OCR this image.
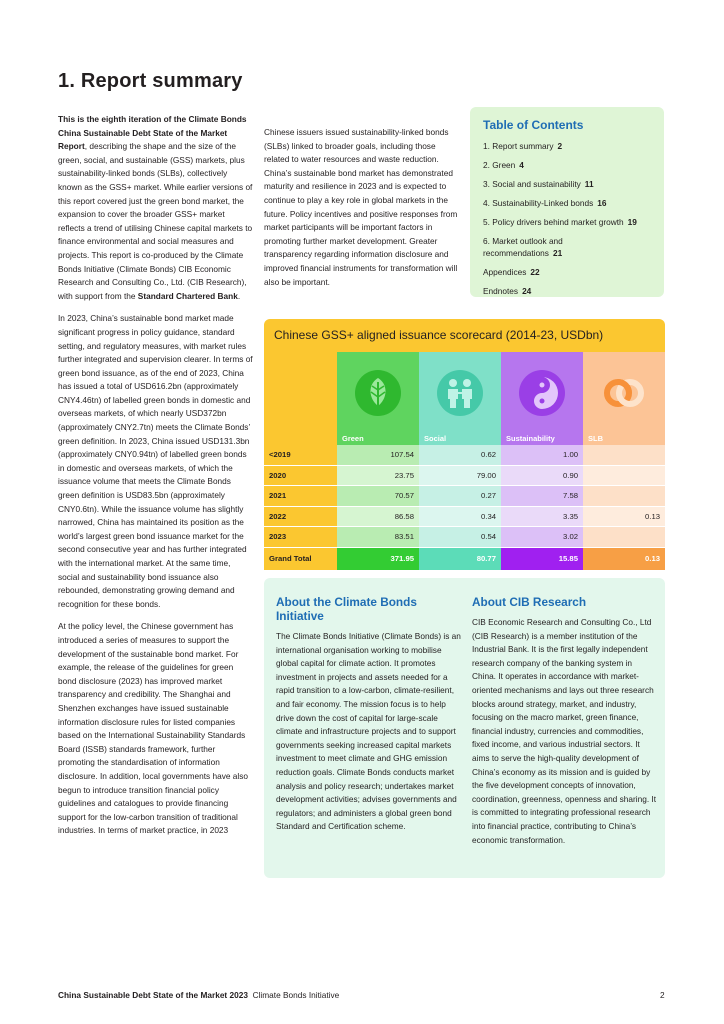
1. Report summary

This is the eighth iteration of the Climate Bonds China Sustainable Debt State of the Market Report, describing the shape and the size of the green, social, and sustainable (GSS) markets, plus sustainability-linked bonds (SLBs), collectively known as the GSS+ market. While earlier versions of this report covered just the green bond market, the expansion to cover the broader GSS+ market reflects a trend of utilising Chinese capital markets to finance environmental and social measures and projects. This report is co-produced by the Climate Bonds Initiative (Climate Bonds) CIB Economic Research and Consulting Co., Ltd. (CIB Research), with support from the Standard Chartered Bank.

In 2023, China’s sustainable bond market made significant progress in policy guidance, standard setting, and regulatory measures, with market rules further integrated and supervision clearer. In terms of green bond issuance, as of the end of 2023, China has issued a total of USD616.2bn (approximately CNY4.46tn) of labelled green bonds in domestic and overseas markets, of which nearly USD372bn (approximately CNY2.7tn) meets the Climate Bonds’ green definition. In 2023, China issued USD131.3bn (approximately CNY0.94tn) of labelled green bonds in domestic and overseas markets, of which the issuance volume that meets the Climate Bonds green definition is USD83.5bn (approximately CNY0.6tn). While the issuance volume has slightly narrowed, China has maintained its position as the world’s largest green bond issuance market for the second consecutive year and has further integrated with the international market. At the same time, social and sustainability bond issuance also rebounded, demonstrating growing demand and recognition for these bonds.

At the policy level, the Chinese government has introduced a series of measures to support the development of the sustainable bond market. For example, the release of the guidelines for green bond disclosure (2023) has improved market transparency and credibility. The Shanghai and Shenzhen exchanges have issued sustainable information disclosure rules for listed companies based on the International Sustainability Standards Board (ISSB) standards framework, further promoting the standardisation of information disclosure. In addition, local governments have also begun to introduce transition financial policy guidelines and catalogues to provide financing support for the low-carbon transition of traditional industries. In terms of market practice, in 2023

Chinese issuers issued sustainability-linked bonds (SLBs) linked to broader goals, including those related to water resources and waste reduction. China’s sustainable bond market has demonstrated maturity and resilience in 2023 and is expected to continue to play a key role in global markets in the future. Policy incentives and positive responses from market participants will be important factors in promoting further market development. Greater transparency regarding information disclosure and improved financial instruments for transformation will also be important.

Table of Contents
1. Report summary 2
2. Green 4
3. Social and sustainability 11
4. Sustainability-Linked bonds 16
5. Policy drivers behind market growth 19
6. Market outlook and recommendations 21
Appendices 22
Endnotes 24
Chinese GSS+ aligned issuance scorecard (2014-23, USDbn)
Green	Social	Sustainability	SLB
<2019	107.54	0.62	1.00	
2020	23.75	79.00	0.90	
2021	70.57	0.27	7.58	
2022	86.58	0.34	3.35	0.13
2023	83.51	0.54	3.02	
Grand Total	371.95	80.77	15.85	0.13
About the Climate Bonds Initiative
The Climate Bonds Initiative (Climate Bonds) is an international organisation working to mobilise global capital for climate action. It promotes investment in projects and assets needed for a rapid transition to a low-carbon, climate-resilient, and fair economy. The mission focus is to help drive down the cost of capital for large-scale climate and infrastructure projects and to support governments seeking increased capital markets investment to meet climate and GHG emission reduction goals. Climate Bonds conducts market analysis and policy research; undertakes market development activities; advises governments and regulators; and administers a global green bond Standard and Certification scheme.
About CIB Research
CIB Economic Research and Consulting Co., Ltd (CIB Research) is a member institution of the Industrial Bank. It is the first legally independent research company of the banking system in China. It operates in accordance with market-oriented mechanisms and lays out three research blocks around strategy, market, and industry, focusing on the macro market, green finance, financial industry, currencies and commodities, fixed income, and various industrial sectors. It aims to serve the high-quality development of China’s economy as its mission and is guided by the five development concepts of innovation, coordination, greenness, openness and sharing. It is committed to integrating professional research into financial practice, contributing to China’s economic transformation.
China Sustainable Debt State of the Market 2023 Climate Bonds Initiative	2
